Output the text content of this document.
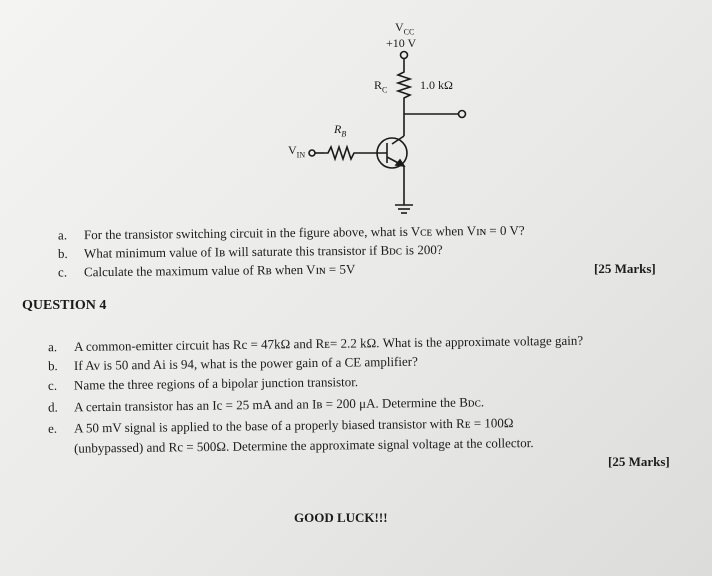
$V_{CC}$
+10 V
$R_C$	1.0 kΩ
$R_B$
$V_{IN}$
a. For the transistor switching circuit in the figure above, what is Vᴄᴇ when Vɪɴ = 0 V?
b. What minimum value of Iʙ will saturate this transistor if Bᴅᴄ is 200?
c. Calculate the maximum value of Rʙ when Vɪɴ = 5V	[25 Marks]
QUESTION 4
a. A common-emitter circuit has Rc = 47kΩ and Rᴇ= 2.2 kΩ. What is the approximate voltage gain?
b. If Av is 50 and Ai is 94, what is the power gain of a CE amplifier?
c. Name the three regions of a bipolar junction transistor.
d. A certain transistor has an Ic = 25 mA and an Iʙ = 200 μA. Determine the Bᴅᴄ.
e. A 50 mV signal is applied to the base of a properly biased transistor with Rᴇ = 100Ω
(unbypassed) and Rc = 500Ω. Determine the approximate signal voltage at the collector.
[25 Marks]
GOOD LUCK!!!
